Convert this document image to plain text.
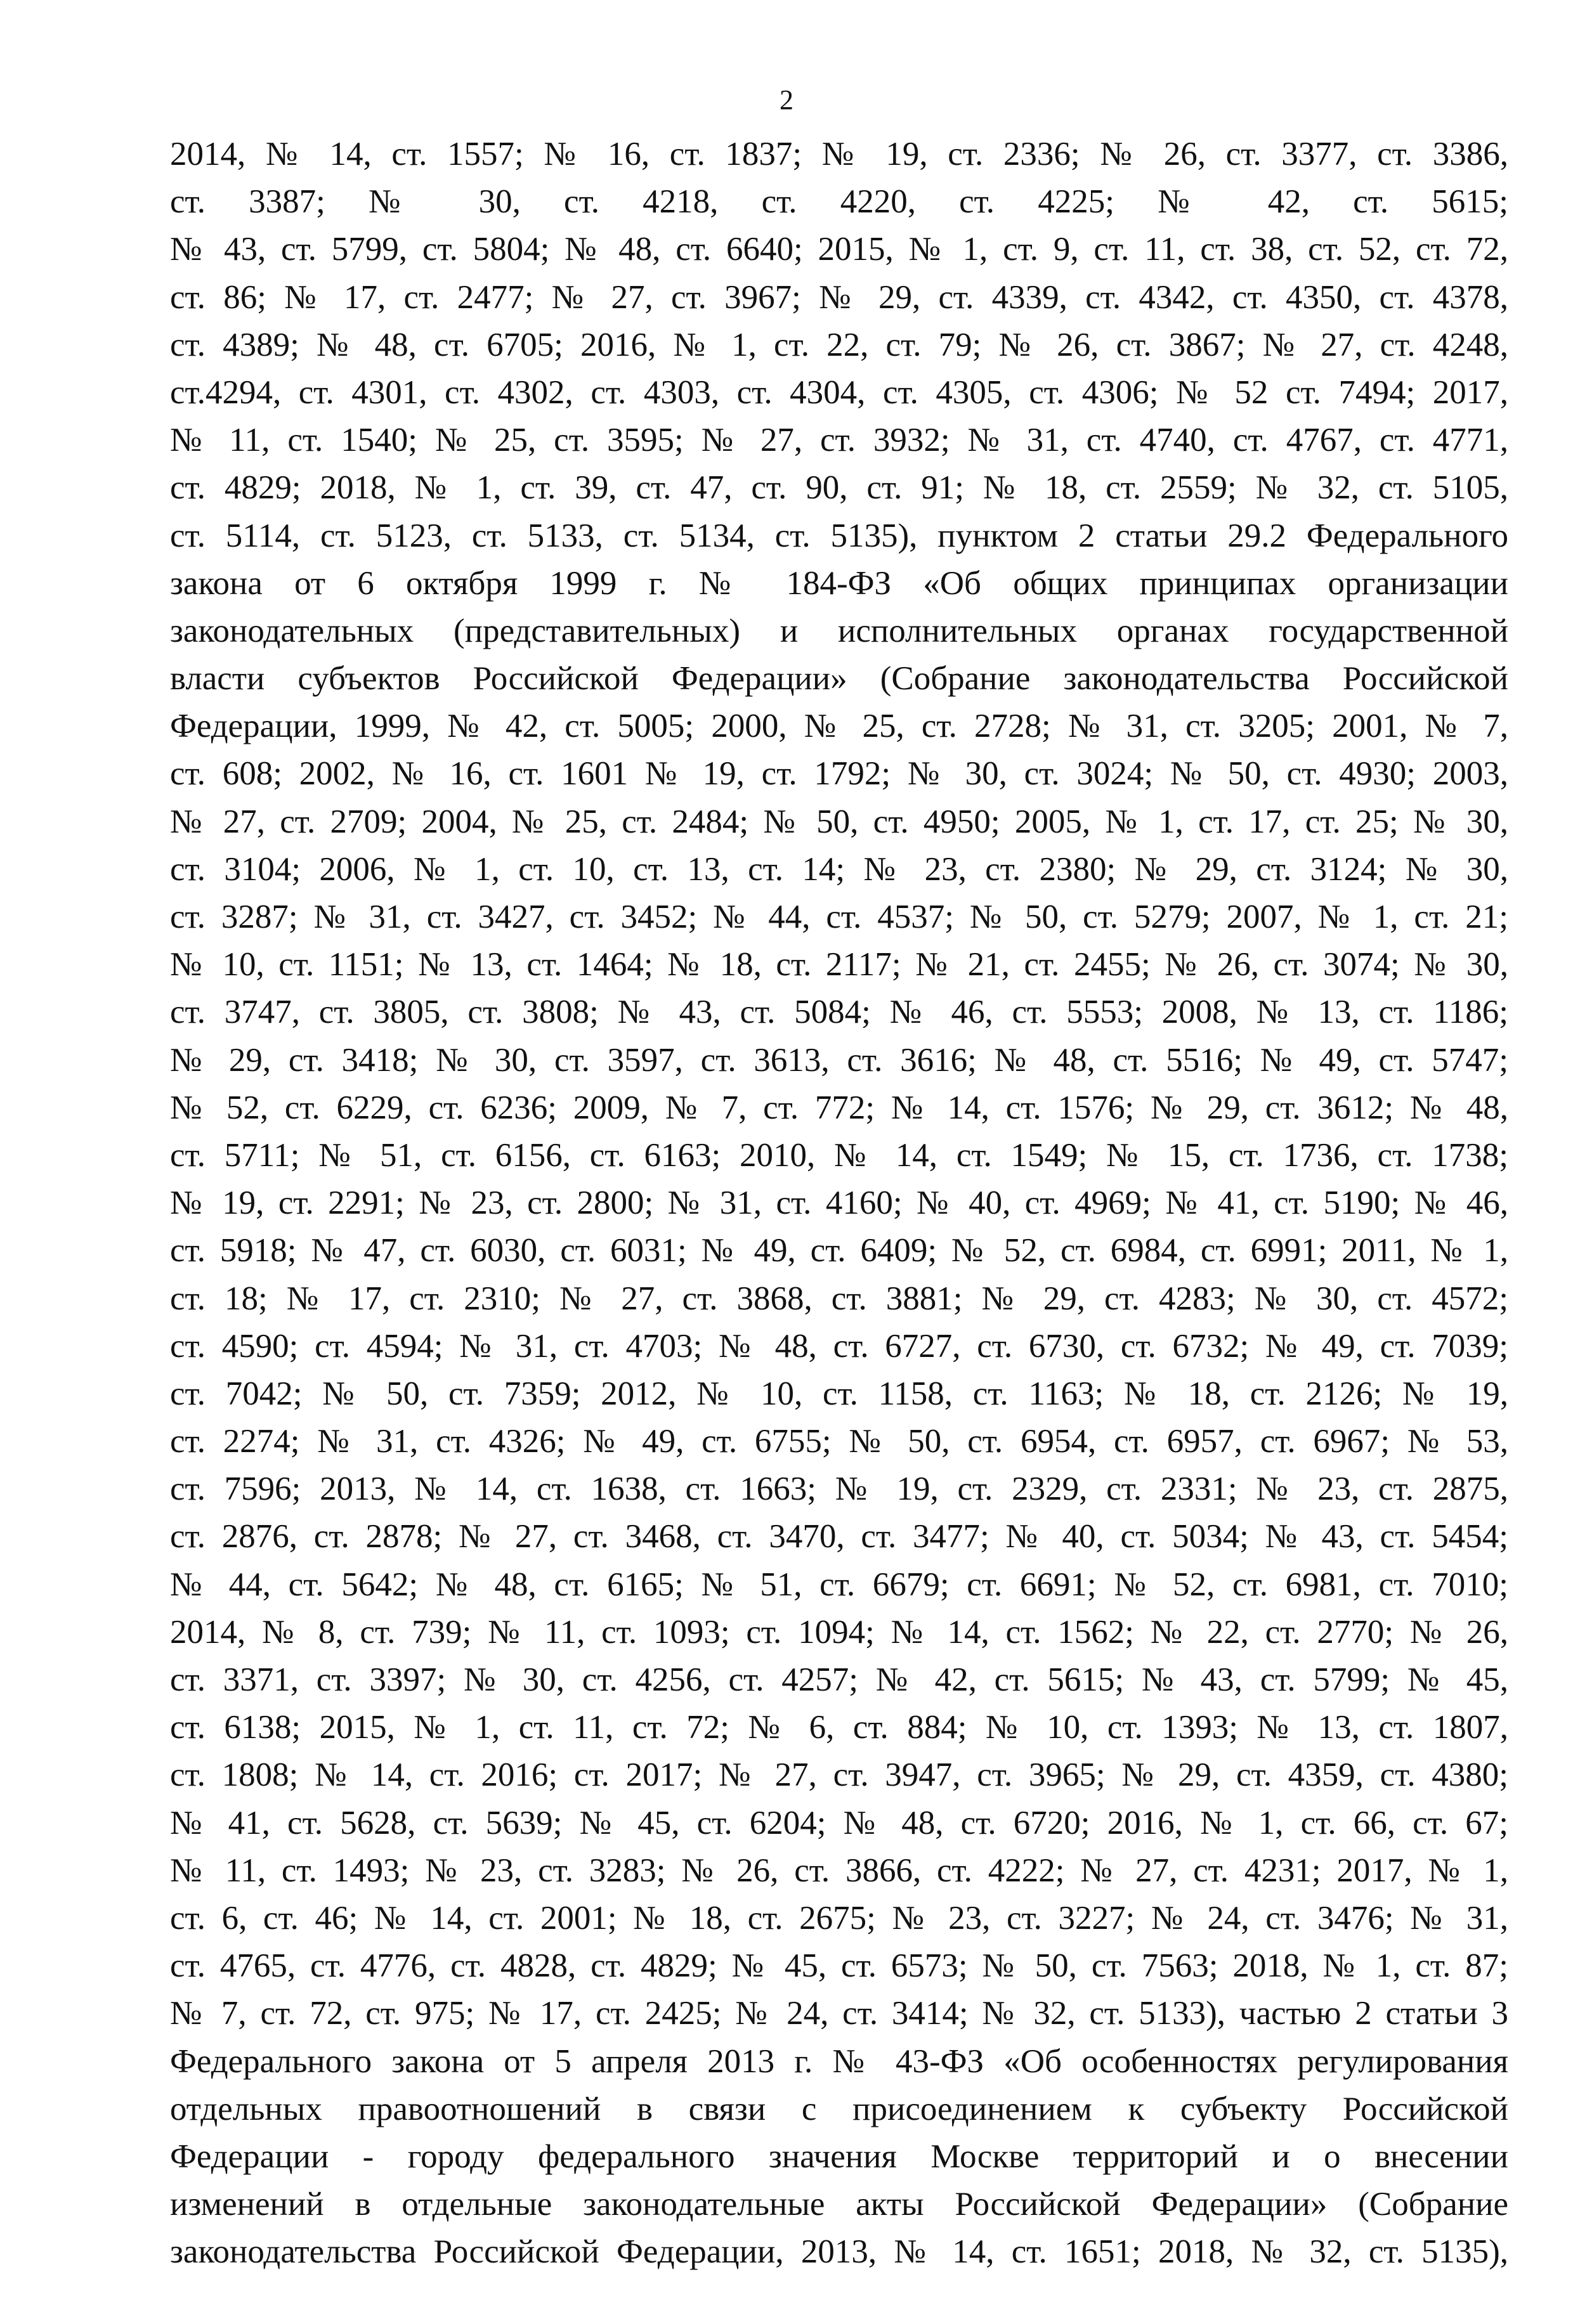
2
2014, № 14, ст. 1557; № 16, ст. 1837; № 19, ст. 2336; № 26, ст. 3377, ст. 3386,
ст. 3387; № 30, ст. 4218, ст. 4220, ст. 4225; № 42, ст. 5615;
№ 43, ст. 5799, ст. 5804; № 48, ст. 6640; 2015, № 1, ст. 9, ст. 11, ст. 38, ст. 52, ст. 72,
ст. 86; № 17, ст. 2477; № 27, ст. 3967; № 29, ст. 4339, ст. 4342, ст. 4350, ст. 4378,
ст. 4389; № 48, ст. 6705; 2016, № 1, ст. 22, ст. 79; № 26, ст. 3867; № 27, ст. 4248,
ст.4294, ст. 4301, ст. 4302, ст. 4303, ст. 4304, ст. 4305, ст. 4306; № 52 ст. 7494; 2017,
№ 11, ст. 1540; № 25, ст. 3595; № 27, ст. 3932; № 31, ст. 4740, ст. 4767, ст. 4771,
ст. 4829; 2018, № 1, ст. 39, ст. 47, ст. 90, ст. 91; № 18, ст. 2559; № 32, ст. 5105,
ст. 5114, ст. 5123, ст. 5133, ст. 5134, ст. 5135), пунктом 2 статьи 29.2 Федерального
закона от 6 октября 1999 г. № 184-ФЗ «Об общих принципах организации
законодательных (представительных) и исполнительных органах государственной
власти субъектов Российской Федерации» (Собрание законодательства Российской
Федерации, 1999, № 42, ст. 5005; 2000, № 25, ст. 2728; № 31, ст. 3205; 2001, № 7,
ст. 608; 2002, № 16, ст. 1601 № 19, ст. 1792; № 30, ст. 3024; № 50, ст. 4930; 2003,
№ 27, ст. 2709; 2004, № 25, ст. 2484; № 50, ст. 4950; 2005, № 1, ст. 17, ст. 25; № 30,
ст. 3104; 2006, № 1, ст. 10, ст. 13, ст. 14; № 23, ст. 2380; № 29, ст. 3124; № 30,
ст. 3287; № 31, ст. 3427, ст. 3452; № 44, ст. 4537; № 50, ст. 5279; 2007, № 1, ст. 21;
№ 10, ст. 1151; № 13, ст. 1464; № 18, ст. 2117; № 21, ст. 2455; № 26, ст. 3074; № 30,
ст. 3747, ст. 3805, ст. 3808; № 43, ст. 5084; № 46, ст. 5553; 2008, № 13, ст. 1186;
№ 29, ст. 3418; № 30, ст. 3597, ст. 3613, ст. 3616; № 48, ст. 5516; № 49, ст. 5747;
№ 52, ст. 6229, ст. 6236; 2009, № 7, ст. 772; № 14, ст. 1576; № 29, ст. 3612; № 48,
ст. 5711; № 51, ст. 6156, ст. 6163; 2010, № 14, ст. 1549; № 15, ст. 1736, ст. 1738;
№ 19, ст. 2291; № 23, ст. 2800; № 31, ст. 4160; № 40, ст. 4969; № 41, ст. 5190; № 46,
ст. 5918; № 47, ст. 6030, ст. 6031; № 49, ст. 6409; № 52, ст. 6984, ст. 6991; 2011, № 1,
ст. 18; № 17, ст. 2310; № 27, ст. 3868, ст. 3881; № 29, ст. 4283; № 30, ст. 4572;
ст. 4590; ст. 4594; № 31, ст. 4703; № 48, ст. 6727, ст. 6730, ст. 6732; № 49, ст. 7039;
ст. 7042; № 50, ст. 7359; 2012, № 10, ст. 1158, ст. 1163; № 18, ст. 2126; № 19,
ст. 2274; № 31, ст. 4326; № 49, ст. 6755; № 50, ст. 6954, ст. 6957, ст. 6967; № 53,
ст. 7596; 2013, № 14, ст. 1638, ст. 1663; № 19, ст. 2329, ст. 2331; № 23, ст. 2875,
ст. 2876, ст. 2878; № 27, ст. 3468, ст. 3470, ст. 3477; № 40, ст. 5034; № 43, ст. 5454;
№ 44, ст. 5642; № 48, ст. 6165; № 51, ст. 6679; ст. 6691; № 52, ст. 6981, ст. 7010;
2014, № 8, ст. 739; № 11, ст. 1093; ст. 1094; № 14, ст. 1562; № 22, ст. 2770; № 26,
ст. 3371, ст. 3397; № 30, ст. 4256, ст. 4257; № 42, ст. 5615; № 43, ст. 5799; № 45,
ст. 6138; 2015, № 1, ст. 11, ст. 72; № 6, ст. 884; № 10, ст. 1393; № 13, ст. 1807,
ст. 1808; № 14, ст. 2016; ст. 2017; № 27, ст. 3947, ст. 3965; № 29, ст. 4359, ст. 4380;
№ 41, ст. 5628, ст. 5639; № 45, ст. 6204; № 48, ст. 6720; 2016, № 1, ст. 66, ст. 67;
№ 11, ст. 1493; № 23, ст. 3283; № 26, ст. 3866, ст. 4222; № 27, ст. 4231; 2017, № 1,
ст. 6, ст. 46; № 14, ст. 2001; № 18, ст. 2675; № 23, ст. 3227; № 24, ст. 3476; № 31,
ст. 4765, ст. 4776, ст. 4828, ст. 4829; № 45, ст. 6573; № 50, ст. 7563; 2018, № 1, ст. 87;
№ 7, ст. 72, ст. 975; № 17, ст. 2425; № 24, ст. 3414; № 32, ст. 5133), частью 2 статьи 3
Федерального закона от 5 апреля 2013 г. № 43-ФЗ «Об особенностях регулирования
отдельных правоотношений в связи с присоединением к субъекту Российской
Федерации - городу федерального значения Москве территорий и о внесении
изменений в отдельные законодательные акты Российской Федерации» (Собрание
законодательства Российской Федерации, 2013, № 14, ст. 1651; 2018, № 32, ст. 5135),
